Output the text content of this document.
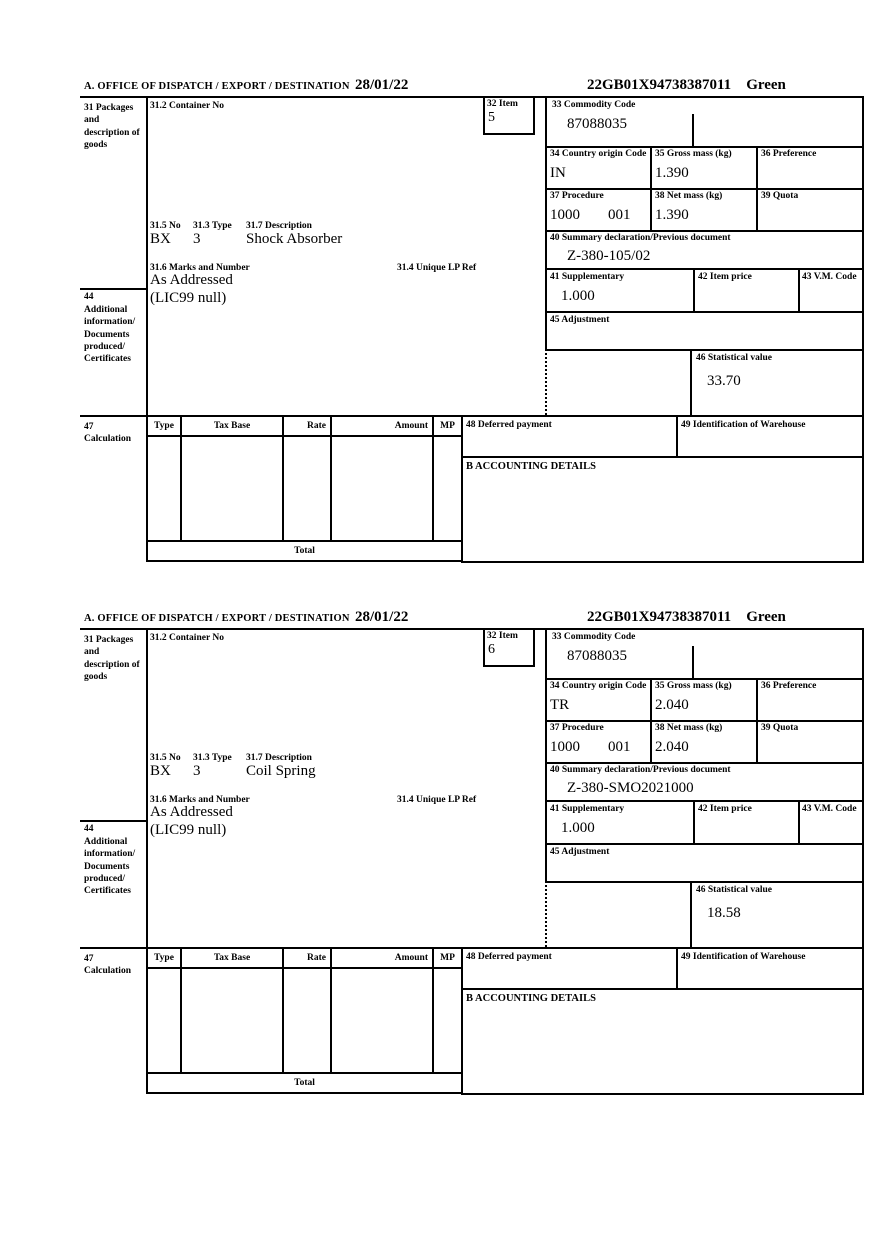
A. OFFICE OF DISPATCH / EXPORT / DESTINATION 28/01/22	22GB01X94738387011 Green
31 Packages and description of goods
44
Additional information/ Documents produced/ Certificates
47 Calculation
31.2 Container No	32 Item
5
31.5 No 31.3 Type 31.7 Description
BX 3	Shock Absorber
31.6 Marks and Number	31.4 Unique LP Ref
As Addressed
(LIC99 null)
33 Commodity Code
87088035
34 Country origin Code
IN
35 Gross mass (kg)
1.390
36 Preference
37 Procedure
1000 001
38 Net mass (kg)
1.390
39 Quota
40 Summary declaration/Previous document
Z-380-105/02
41 Supplementary
1.000
42 Item price	43 V.M. Code
45 Adjustment
46 Statistical value
33.70
Type	Tax Base	Rate	Amount	MP
Total
48 Deferred payment	49 Identification of Warehouse
B ACCOUNTING DETAILS
A. OFFICE OF DISPATCH / EXPORT / DESTINATION 28/01/22	22GB01X94738387011 Green
31 Packages and description of goods
44
Additional information/ Documents produced/ Certificates
47 Calculation
31.2 Container No	32 Item
6
31.5 No 31.3 Type 31.7 Description
BX 3	Coil Spring
31.6 Marks and Number	31.4 Unique LP Ref
As Addressed
(LIC99 null)
33 Commodity Code
87088035
34 Country origin Code
TR
35 Gross mass (kg)
2.040
36 Preference
37 Procedure
1000 001
38 Net mass (kg)
2.040
39 Quota
40 Summary declaration/Previous document
Z-380-SMO2021000
41 Supplementary
1.000
42 Item price	43 V.M. Code
45 Adjustment
46 Statistical value
18.58
Type	Tax Base	Rate	Amount	MP
Total
48 Deferred payment	49 Identification of Warehouse
B ACCOUNTING DETAILS
